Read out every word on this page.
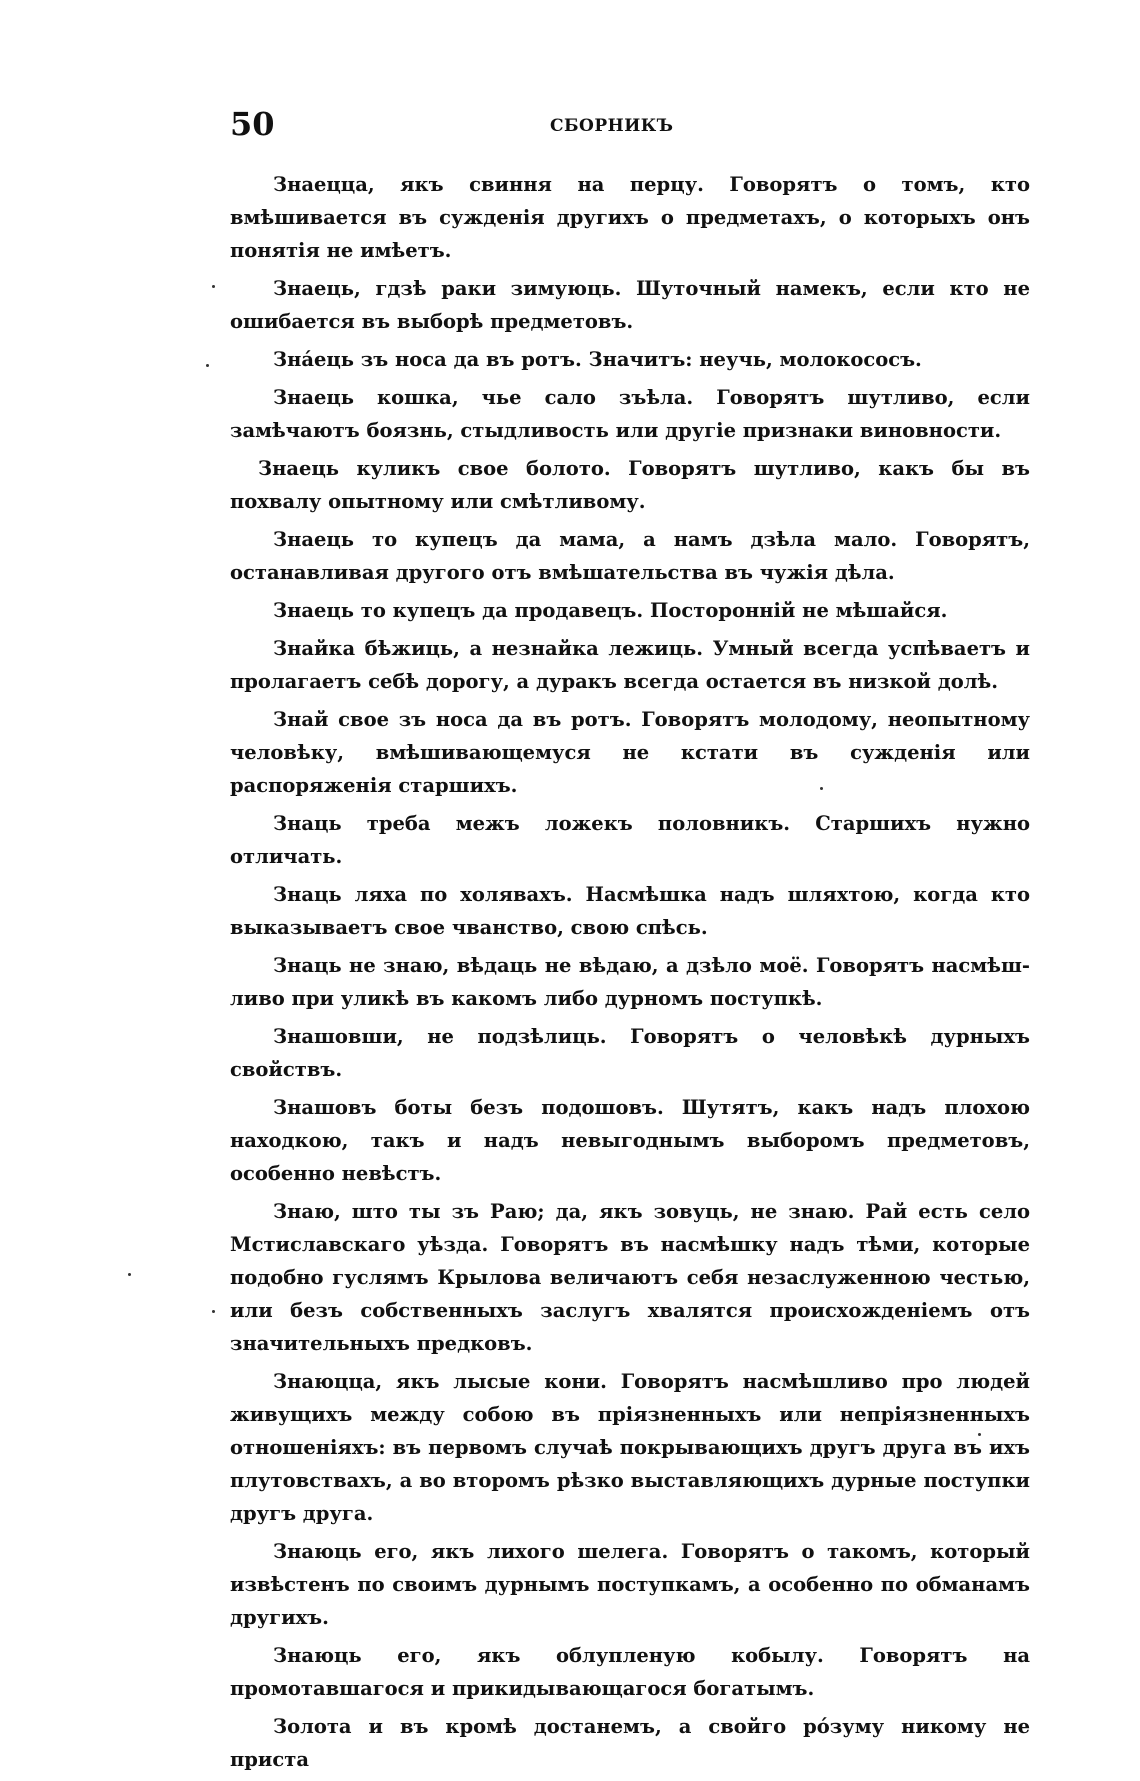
50	СБОРНИКЪ

Знаецца, якъ свиння на перцу. Говорятъ о томъ, кто вмѣшивается въ сужденія другихъ о предметахъ, о которыхъ онъ понятія не имѣетъ.

Знаець, гдзѣ раки зимуюць. Шуточный намекъ, если кто не ошибается въ выборѣ предметовъ.

Знáець зъ носа да въ ротъ. Значитъ: неучь, молокососъ.

Знаець кошка, чье сало зъѣла. Говорятъ шутливо, если замѣчаютъ боязнь, стыдливость или другіе признаки виновности.

Знаець куликъ свое болото. Говорятъ шутливо, какъ бы въ похвалу опытному или смѣтливому.

Знаець то купецъ да мама, а намъ дзѣла мало. Говорятъ, останавливая другого отъ вмѣшательства въ чужія дѣла.

Знаець то купецъ да продавецъ. Посторонній не мѣшайся.

Знайка бѣжиць, а незнайка лежиць. Умный всегда успѣваетъ и пролагаетъ себѣ дорогу, а дуракъ всегда остается въ низкой долѣ.

Знай свое зъ носа да въ ротъ. Говорятъ молодому, неопытному человѣку, вмѣшивающемуся не кстати въ сужденія или распоряженія старшихъ.

Знаць треба межъ ложекъ половникъ. Старшихъ нужно отличать.

Знаць ляха по холявахъ. Насмѣшка надъ шляхтою, когда кто выказываетъ свое чванство, свою спѣсь.

Знаць не знаю, вѣдаць не вѣдаю, а дзѣло моё. Говорятъ насмѣшливо при уликѣ въ какомъ либо дурномъ поступкѣ.

Знашовши, не подзѣлиць. Говорятъ о человѣкѣ дурныхъ свойствъ.

Знашовъ боты безъ подошовъ. Шутятъ, какъ надъ плохою находкою, такъ и надъ невыгоднымъ выборомъ предметовъ, особенно невѣстъ.

Знаю, што ты зъ Раю; да, якъ зовуць, не знаю. Рай есть село Мстиславскаго уѣзда. Говорятъ въ насмѣшку надъ тѣми, которые подобно гуслямъ Крылова величаютъ себя незаслуженною честью, или безъ собственныхъ заслугъ хвалятся происхожденіемъ отъ значительныхъ предковъ.

Знаюцца, якъ лысые кони. Говорятъ насмѣшливо про людей живущихъ между собою въ пріязненныхъ или непріязненныхъ отношеніяхъ: въ первомъ случаѣ покрывающихъ другъ друга въ ихъ плутовствахъ, а во второмъ рѣзко выставляющихъ дурные поступки другъ друга.

Знаюць его, якъ лихого шелега. Говорятъ о такомъ, который извѣстенъ по своимъ дурнымъ поступкамъ, а особенно по обманамъ другихъ.

Знаюць его, якъ облупленую кобылу. Говорятъ на промотавшагося и прикидывающагося богатымъ.

Золота и въ кромѣ достанемъ, а свойго рóзуму никому не приста
